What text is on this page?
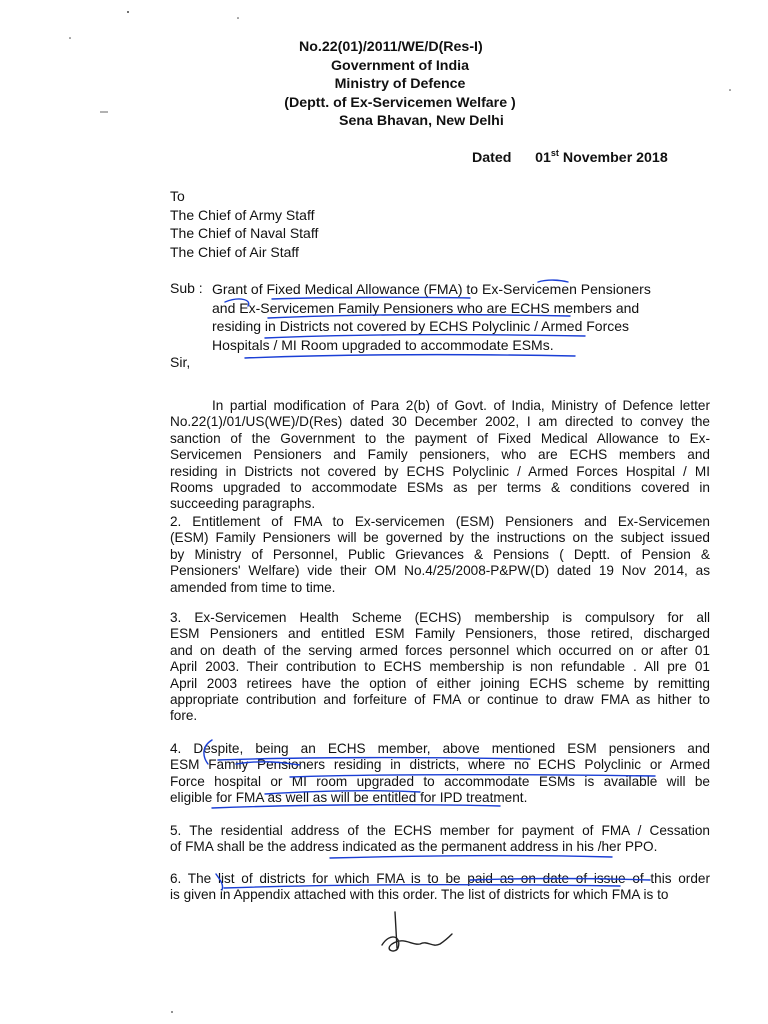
No.22(01)/2011/WE/D(Res-I)
Government of India
Ministry of Defence
(Deptt. of Ex-Servicemen Welfare )
Sena Bhavan, New Delhi
Dated 01st November 2018
To
The Chief of Army Staff
The Chief of Naval Staff
The Chief of Air Staff
Sub : Grant of Fixed Medical Allowance (FMA) to Ex-Servicemen Pensioners
and Ex-Servicemen Family Pensioners who are ECHS members and
residing in Districts not covered by ECHS Polyclinic / Armed Forces
Hospitals / MI Room upgraded to accommodate ESMs.
Sir,
In partial modification of Para 2(b) of Govt. of India, Ministry of Defence letter
No.22(1)/01/US(WE)/D(Res) dated 30 December 2002, I am directed to convey the
sanction of the Government to the payment of Fixed Medical Allowance to Ex-
Servicemen Pensioners and Family pensioners, who are ECHS members and
residing in Districts not covered by ECHS Polyclinic / Armed Forces Hospital / MI
Rooms upgraded to accommodate ESMs as per terms & conditions covered in
succeeding paragraphs.
2. Entitlement of FMA to Ex-servicemen (ESM) Pensioners and Ex-Servicemen
(ESM) Family Pensioners will be governed by the instructions on the subject issued
by Ministry of Personnel, Public Grievances & Pensions ( Deptt. of Pension &
Pensioners' Welfare) vide their OM No.4/25/2008-P&PW(D) dated 19 Nov 2014, as
amended from time to time.
3. Ex-Servicemen Health Scheme (ECHS) membership is compulsory for all
ESM Pensioners and entitled ESM Family Pensioners, those retired, discharged
and on death of the serving armed forces personnel which occurred on or after 01
April 2003. Their contribution to ECHS membership is non refundable . All pre 01
April 2003 retirees have the option of either joining ECHS scheme by remitting
appropriate contribution and forfeiture of FMA or continue to draw FMA as hither to
fore.
4. Despite, being an ECHS member, above mentioned ESM pensioners and
ESM Family Pensioners residing in districts, where no ECHS Polyclinic or Armed
Force hospital or MI room upgraded to accommodate ESMs is available will be
eligible for FMA as well as will be entitled for IPD treatment.
5. The residential address of the ECHS member for payment of FMA / Cessation
of FMA shall be the address indicated as the permanent address in his /her PPO.
6. The list of districts for which FMA is to be paid as on date of issue of this order
is given in Appendix attached with this order. The list of districts for which FMA is to
